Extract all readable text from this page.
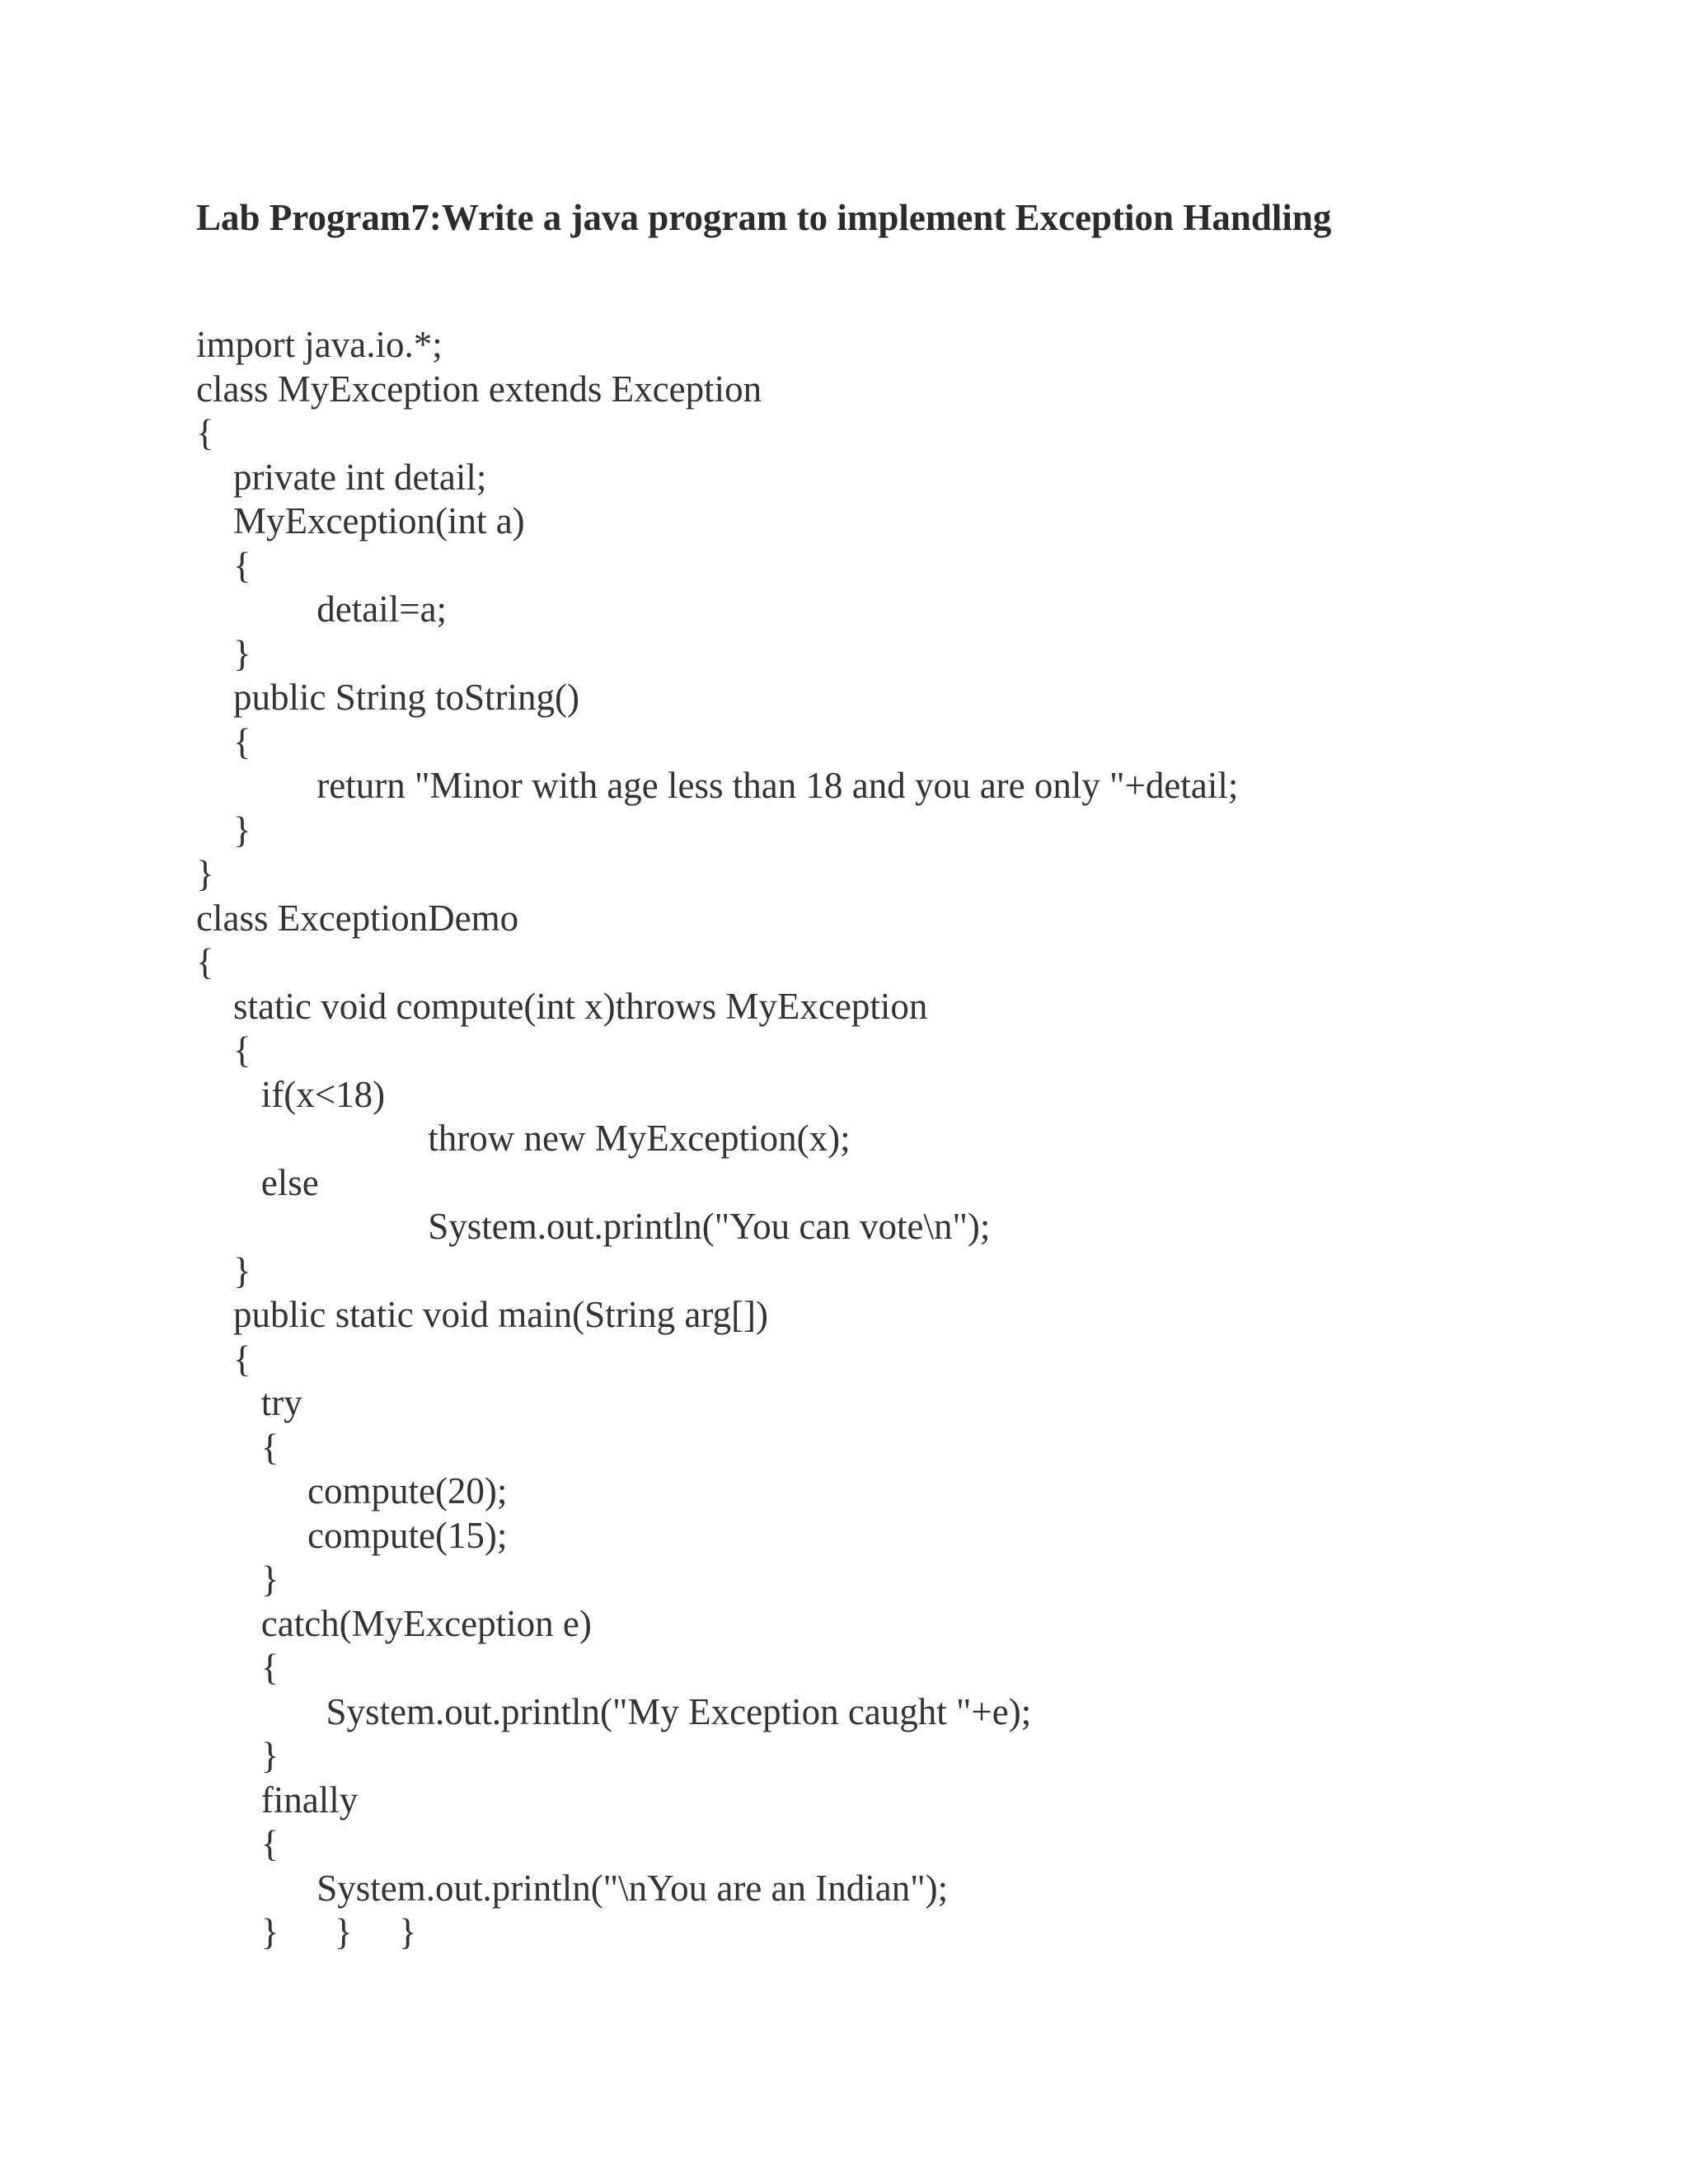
Lab Program7:Write a java program to implement Exception Handling
import java.io.*;
class MyException extends Exception
{
private int detail;
MyException(int a)
{
detail=a;
}
public String toString()
{
return "Minor with age less than 18 and you are only "+detail;
}
}
class ExceptionDemo
{
static void compute(int x)throws MyException
{
if(x<18)
throw new MyException(x);
else
System.out.println("You can vote\n");
}
public static void main(String arg[])
{
try
{
compute(20);
compute(15);
}
catch(MyException e)
{
System.out.println("My Exception caught "+e);
}
finally
{
System.out.println("\nYou are an Indian");
}      }     }
